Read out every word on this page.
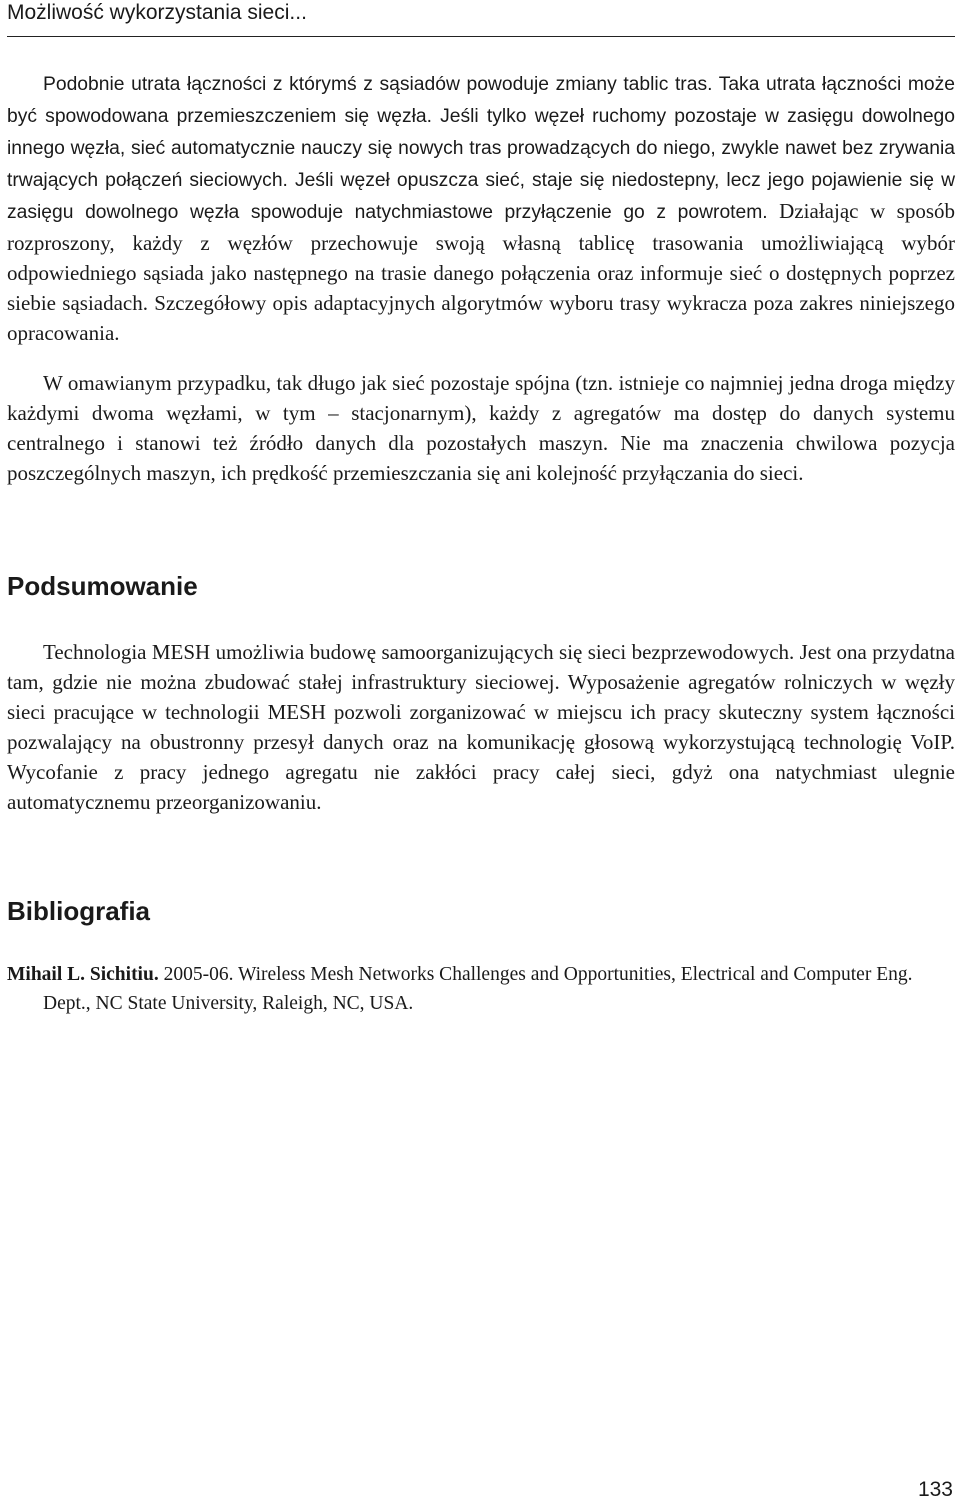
Możliwość wykorzystania sieci...

Podobnie utrata łączności z którymś z sąsiadów powoduje zmiany tablic tras. Taka utrata łączności może być spowodowana przemieszczeniem się węzła. Jeśli tylko węzeł ruchomy pozostaje w zasięgu dowolnego innego węzła, sieć automatycznie nauczy się nowych tras prowadzących do niego, zwykle nawet bez zrywania trwających połączeń sieciowych. Jeśli węzeł opuszcza sieć, staje się niedostepny, lecz jego pojawienie się w zasięgu dowolnego węzła spowoduje natychmiastowe przyłączenie go z powrotem. Działając w sposób rozproszony, każdy z węzłów przechowuje swoją własną tablicę trasowania umożliwiającą wybór odpowiedniego sąsiada jako następnego na trasie danego połączenia oraz informuje sieć o dostępnych poprzez siebie sąsiadach. Szczegółowy opis adaptacyjnych algorytmów wyboru trasy wykracza poza zakres niniejszego opracowania.

W omawianym przypadku, tak długo jak sieć pozostaje spójna (tzn. istnieje co najmniej jedna droga między każdymi dwoma węzłami, w tym – stacjonarnym), każdy z agregatów ma dostęp do danych systemu centralnego i stanowi też źródło danych dla pozostałych maszyn. Nie ma znaczenia chwilowa pozycja poszczególnych maszyn, ich prędkość przemieszczania się ani kolejność przyłączania do sieci.

Podsumowanie

Technologia MESH umożliwia budowę samoorganizujących się sieci bezprzewodowych. Jest ona przydatna tam, gdzie nie można zbudować stałej infrastruktury sieciowej. Wyposażenie agregatów rolniczych w węzły sieci pracujące w technologii MESH pozwoli zorganizować w miejscu ich pracy skuteczny system łączności pozwalający na obustronny przesył danych oraz na komunikację głosową wykorzystującą technologię VoIP. Wycofanie z pracy jednego agregatu nie zakłóci pracy całej sieci, gdyż ona natychmiast ulegnie automatycznemu przeorganizowaniu.

Bibliografia

Mihail L. Sichitiu. 2005-06. Wireless Mesh Networks Challenges and Opportunities, Electrical and Computer Eng. Dept., NC State University, Raleigh, NC, USA.

133
